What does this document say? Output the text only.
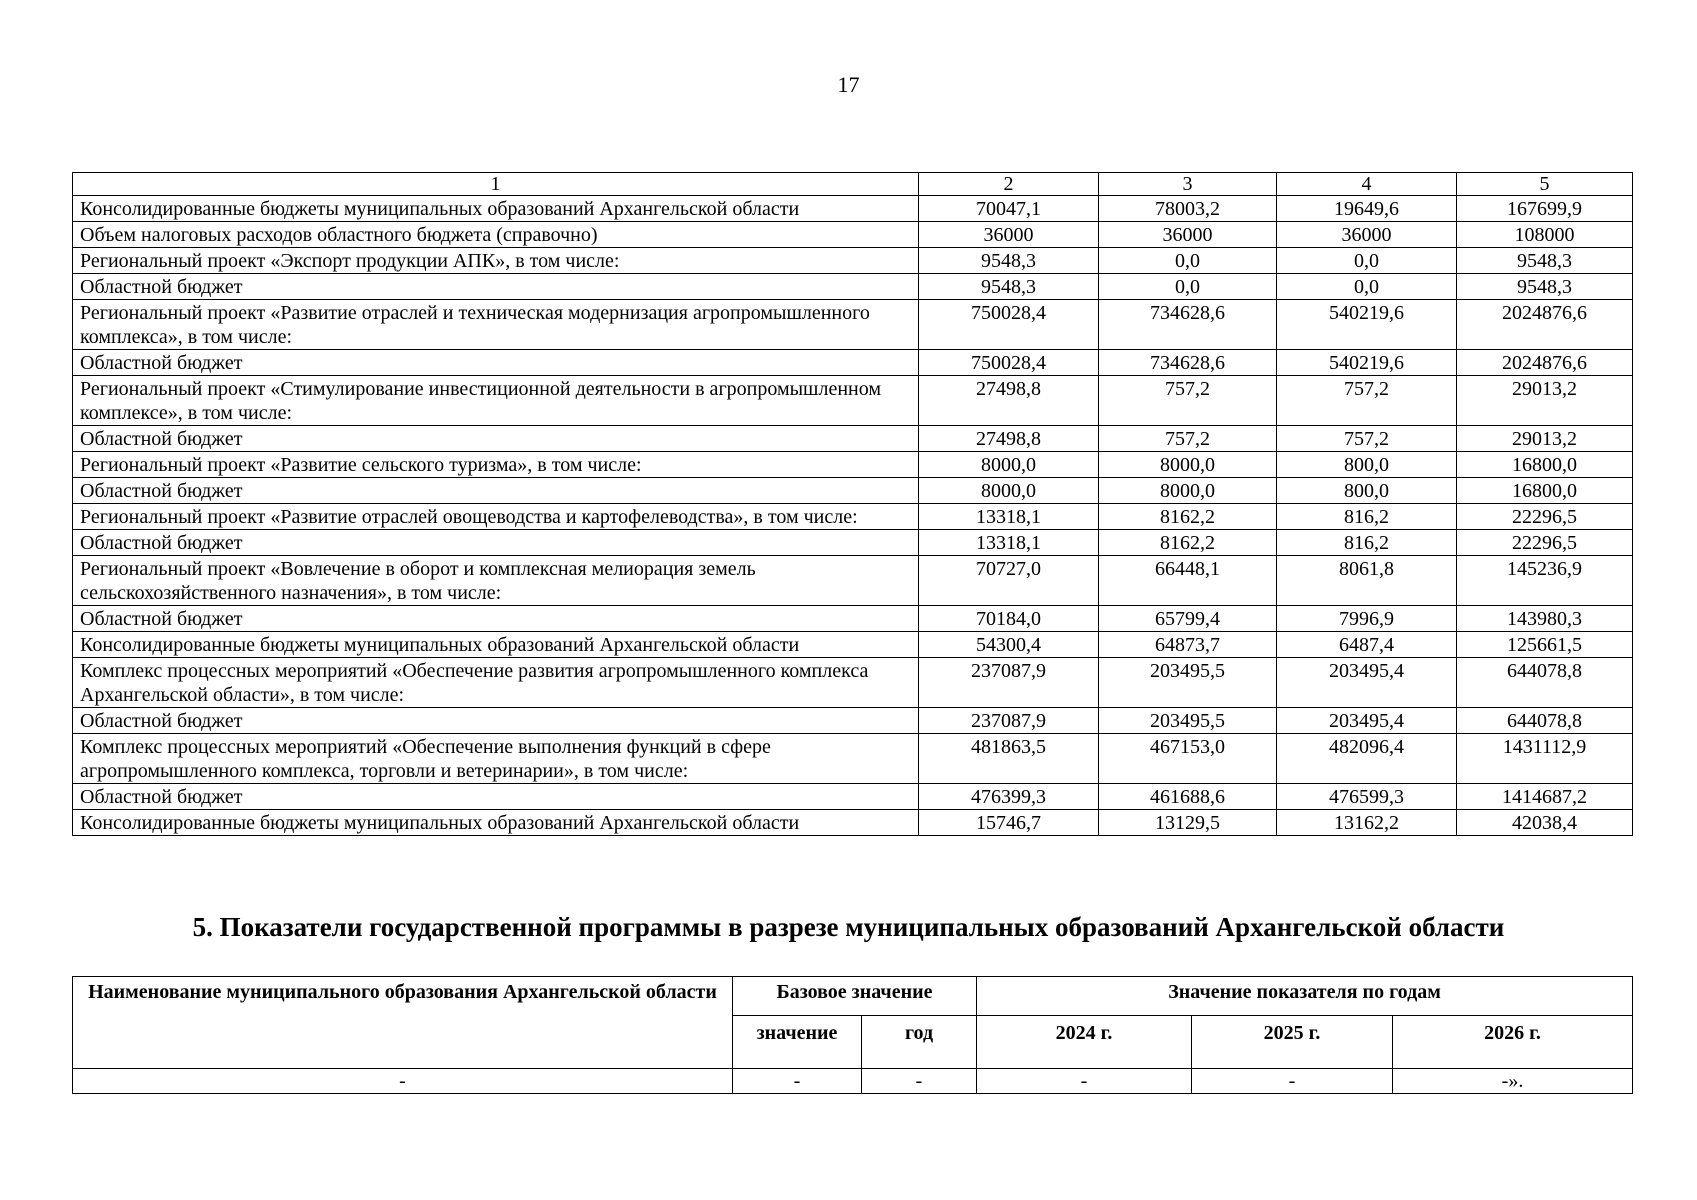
17
1	2	3	4	5
Консолидированные бюджеты муниципальных образований Архангельской области	70047,1	78003,2	19649,6	167699,9
Объем налоговых расходов областного бюджета (справочно)	36000	36000	36000	108000
Региональный проект «Экспорт продукции АПК», в том числе:	9548,3	0,0	0,0	9548,3
Областной бюджет	9548,3	0,0	0,0	9548,3
Региональный проект «Развитие отраслей и техническая модернизация агропромышленного комплекса», в том числе:	750028,4	734628,6	540219,6	2024876,6
Областной бюджет	750028,4	734628,6	540219,6	2024876,6
Региональный проект «Стимулирование инвестиционной деятельности в агропромышленном комплексе», в том числе:	27498,8	757,2	757,2	29013,2
Областной бюджет	27498,8	757,2	757,2	29013,2
Региональный проект «Развитие сельского туризма», в том числе:	8000,0	8000,0	800,0	16800,0
Областной бюджет	8000,0	8000,0	800,0	16800,0
Региональный проект «Развитие отраслей овощеводства и картофелеводства», в том числе:	13318,1	8162,2	816,2	22296,5
Областной бюджет	13318,1	8162,2	816,2	22296,5
Региональный проект «Вовлечение в оборот и комплексная мелиорация земель сельскохозяйственного назначения», в том числе:	70727,0	66448,1	8061,8	145236,9
Областной бюджет	70184,0	65799,4	7996,9	143980,3
Консолидированные бюджеты муниципальных образований Архангельской области	54300,4	64873,7	6487,4	125661,5
Комплекс процессных мероприятий «Обеспечение развития агропромышленного комплекса Архангельской области», в том числе:	237087,9	203495,5	203495,4	644078,8
Областной бюджет	237087,9	203495,5	203495,4	644078,8
Комплекс процессных мероприятий «Обеспечение выполнения функций в сфере агропромышленного комплекса, торговли и ветеринарии», в том числе:	481863,5	467153,0	482096,4	1431112,9
Областной бюджет	476399,3	461688,6	476599,3	1414687,2
Консолидированные бюджеты муниципальных образований Архангельской области	15746,7	13129,5	13162,2	42038,4
5. Показатели государственной программы в разрезе муниципальных образований Архангельской области
Наименование муниципального образования Архангельской области	Базовое значение		Значение показателя по годам		
	значение	год	2024 г.	2025 г.	2026 г.
-	-	-	-	-	-».
